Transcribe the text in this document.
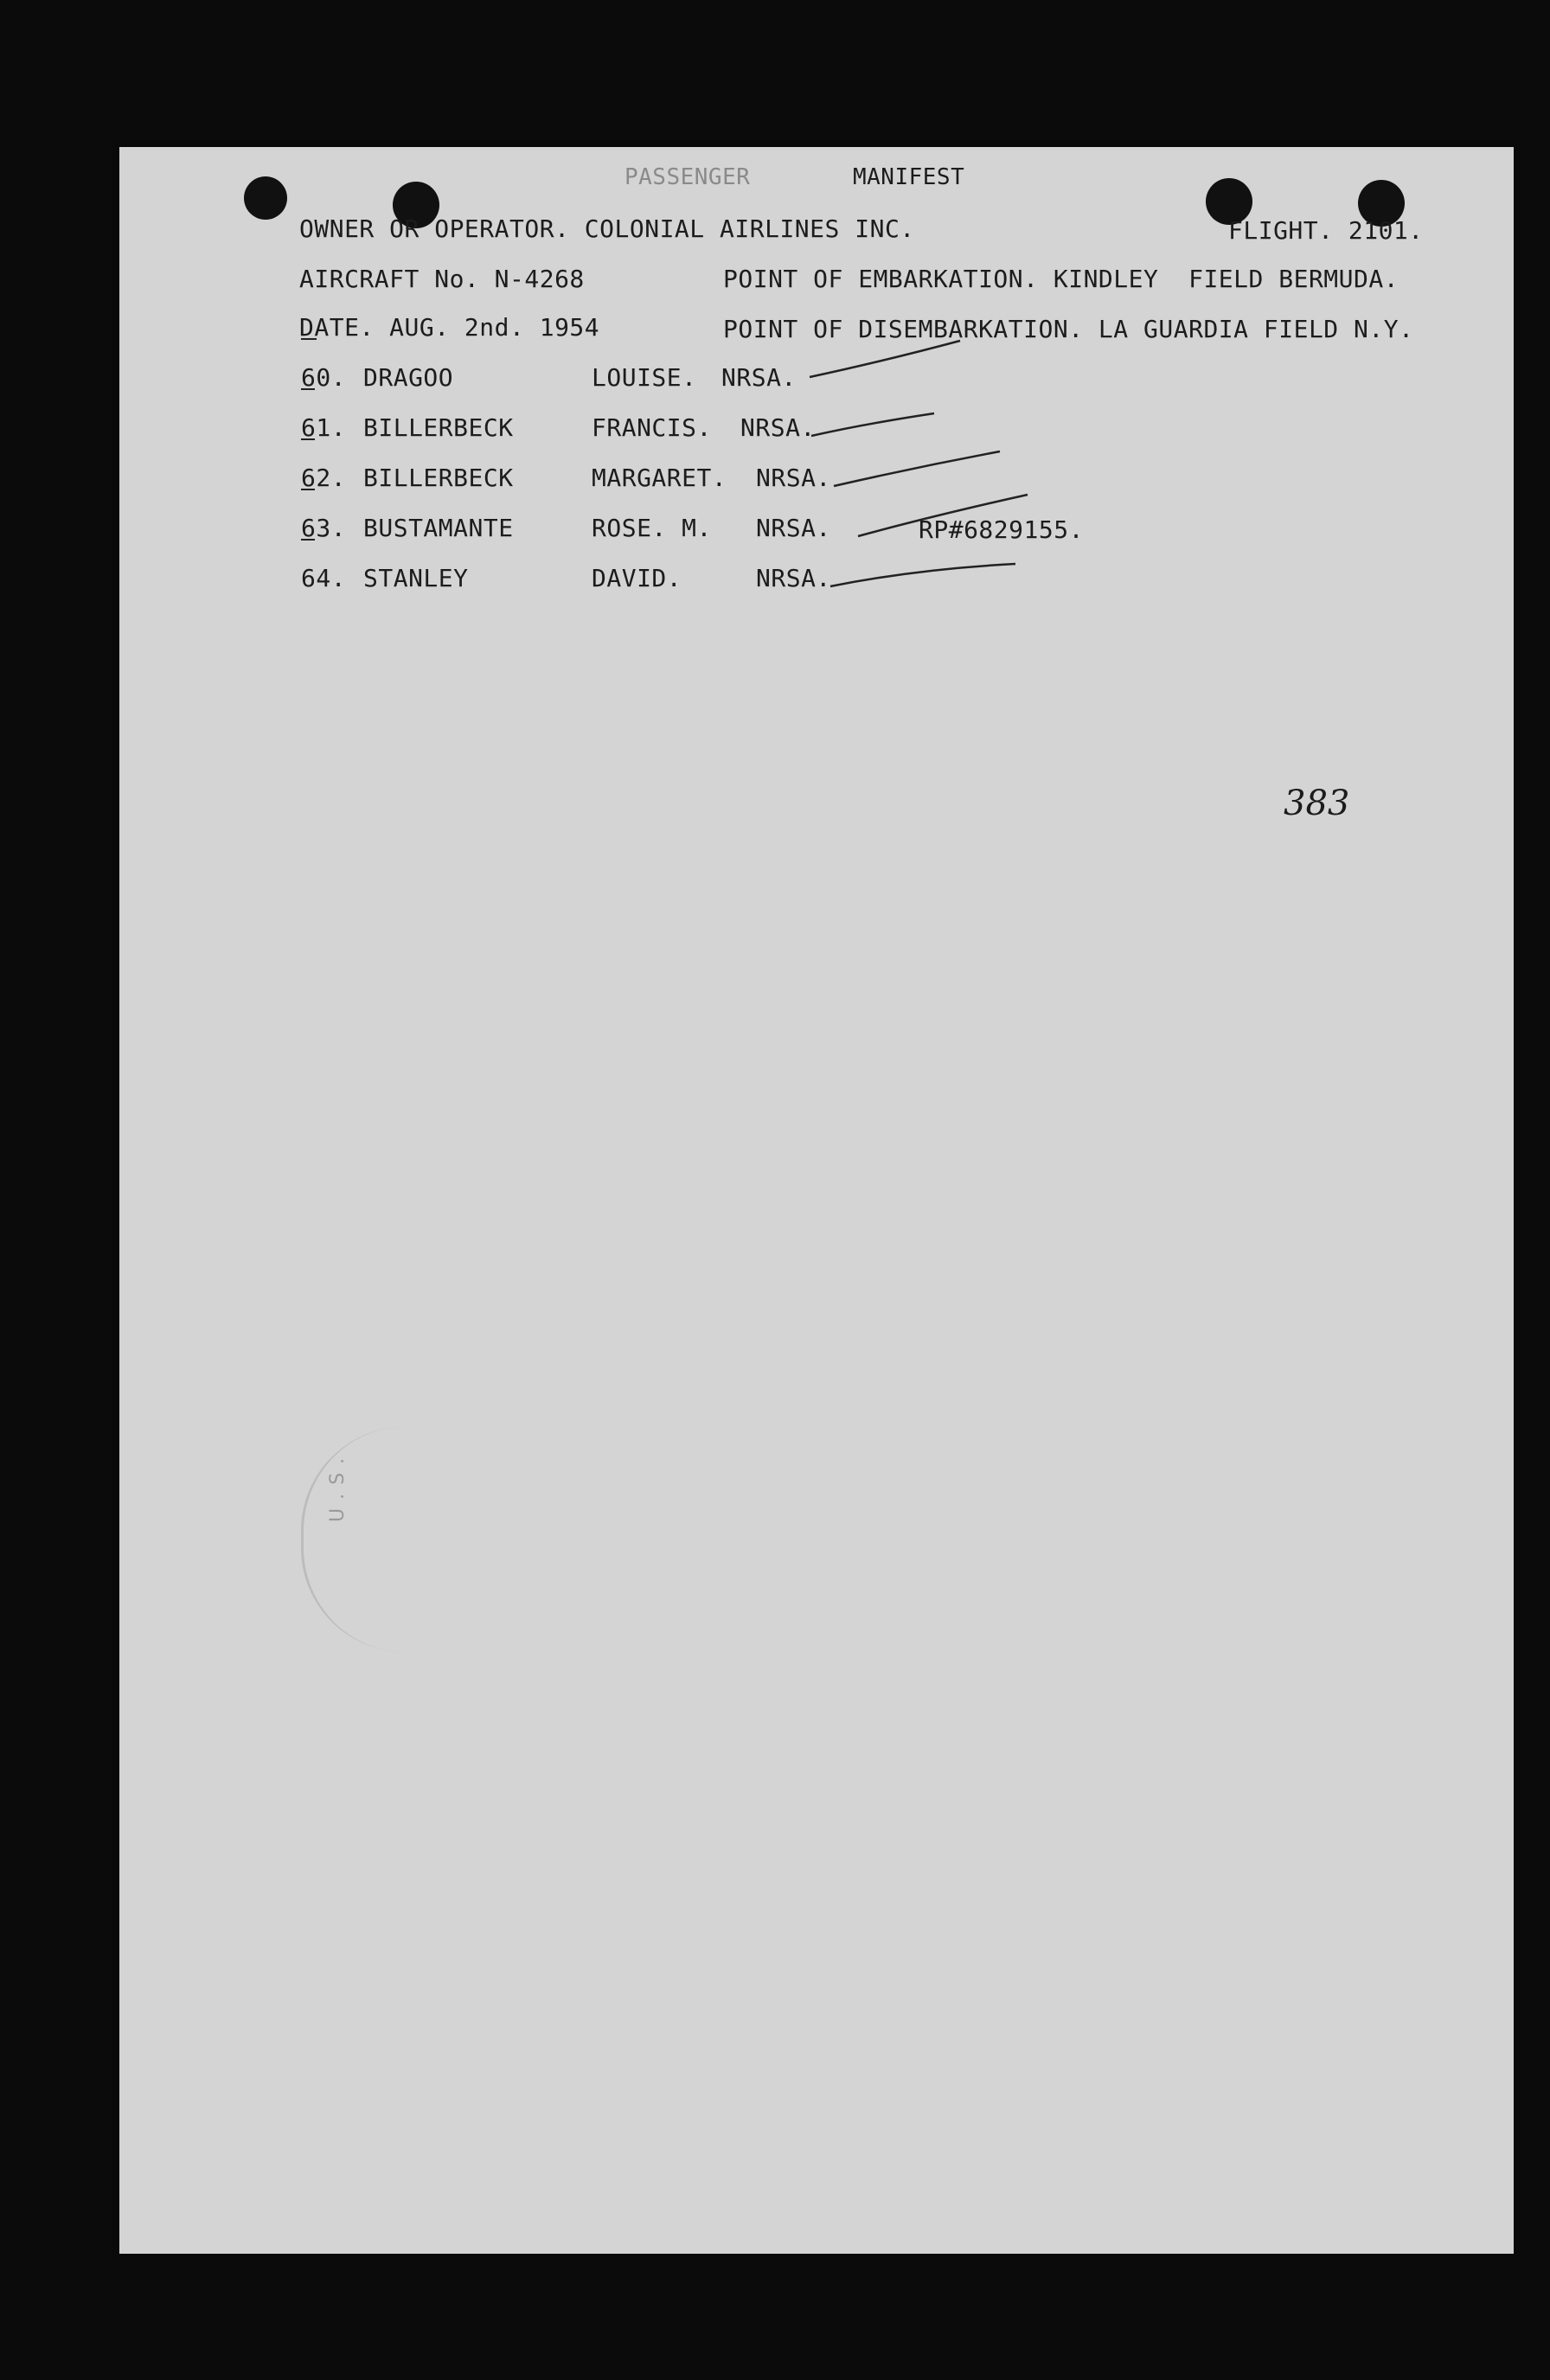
U.S.
PASSENGER	MANIFEST
OWNER OR OPERATOR. COLONIAL AIRLINES INC.	FLIGHT. 2101.
AIRCRAFT No. N-4268	POINT OF EMBARKATION. KINDLEY  FIELD BERMUDA.
DATE. AUG. 2nd. 1954	POINT OF DISEMBARKATION. LA GUARDIA FIELD N.Y.
60. DRAGOO	LOUISE. NRSA.
61. BILLERBECK	FRANCIS. NRSA.
62. BILLERBECK	MARGARET. NRSA.
63. BUSTAMANTE	ROSE. M. NRSA.	RP#6829155.
64. STANLEY	DAVID.	NRSA.
383
